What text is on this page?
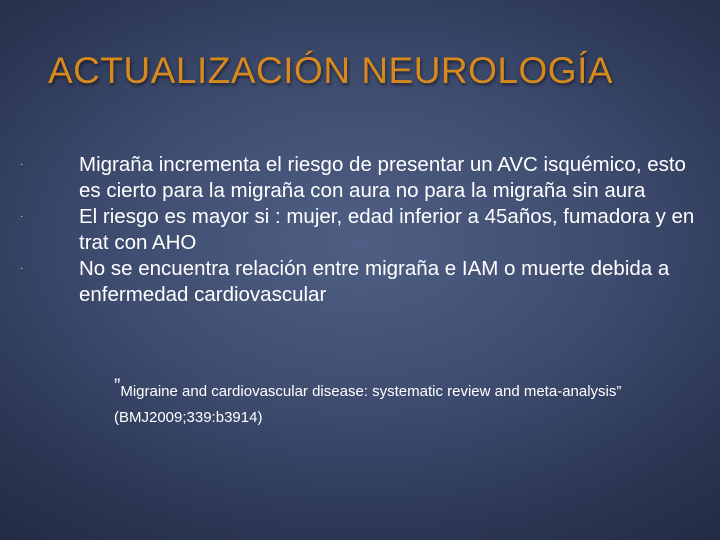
ACTUALIZACIÓN NEUROLOGÍA
·	Migraña incrementa el riesgo de presentar un AVC isquémico, esto es cierto para la migraña con aura no para la migraña sin aura
·	El riesgo es mayor si : mujer, edad inferior a 45años, fumadora y en trat con AHO
·	No se encuentra relación entre migraña e IAM o muerte debida a enfermedad cardiovascular
”Migraine and cardiovascular disease: systematic review and meta-analysis” (BMJ2009;339:b3914)
